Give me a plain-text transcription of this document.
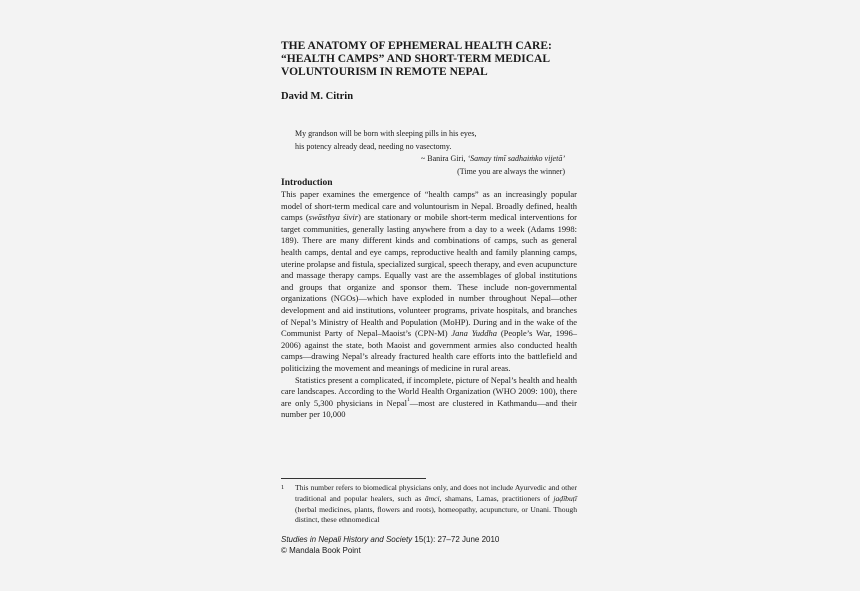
THE ANATOMY OF EPHEMERAL HEALTH CARE:
“HEALTH CAMPS” AND SHORT-TERM MEDICAL
VOLUNTOURISM IN REMOTE NEPAL
David M. Citrin
My grandson will be born with sleeping pills in his eyes,
his potency already dead, needing no vasectomy.
~ Banira Giri, ‘Samay timī sadhaiṁko vijetā’
(Time you are always the winner)
Introduction

This paper examines the emergence of “health camps” as an increasingly popular model of short-term medical care and voluntourism in Nepal. Broadly defined, health camps (swāsthya śivir) are stationary or mobile short-term medical interventions for target communities, generally lasting anywhere from a day to a week (Adams 1998: 189). There are many different kinds and combinations of camps, such as general health camps, dental and eye camps, reproductive health and family planning camps, uterine prolapse and fistula, specialized surgical, speech therapy, and even acupuncture and massage therapy camps. Equally vast are the assemblages of global institutions and groups that organize and sponsor them. These include non-governmental organizations (NGOs)—which have exploded in number throughout Nepal—other development and aid institutions, volunteer programs, private hospitals, and branches of Nepal’s Ministry of Health and Population (MoHP). During and in the wake of the Communist Party of Nepal–Maoist’s (CPN-M) Jana Yuddha (People’s War, 1996–2006) against the state, both Maoist and government armies also conducted health camps—drawing Nepal’s already fractured health care efforts into the battlefield and politicizing the movement and meanings of medicine in rural areas.

Statistics present a complicated, if incomplete, picture of Nepal’s health and health care landscapes. According to the World Health Organization (WHO 2009: 100), there are only 5,300 physicians in Nepal$^1$—most are clustered in Kathmandu—and their number per 10,000

1 This number refers to biomedical physicians only, and does not include Ayurvedic and other traditional and popular healers, such as āmci, shamans, Lamas, practitioners of jaḍībuṭī (herbal medicines, plants, flowers and roots), homeopathy, acupuncture, or Unani. Though distinct, these ethnomedical
Studies in Nepali History and Society 15(1): 27–72 June 2010
© Mandala Book Point
